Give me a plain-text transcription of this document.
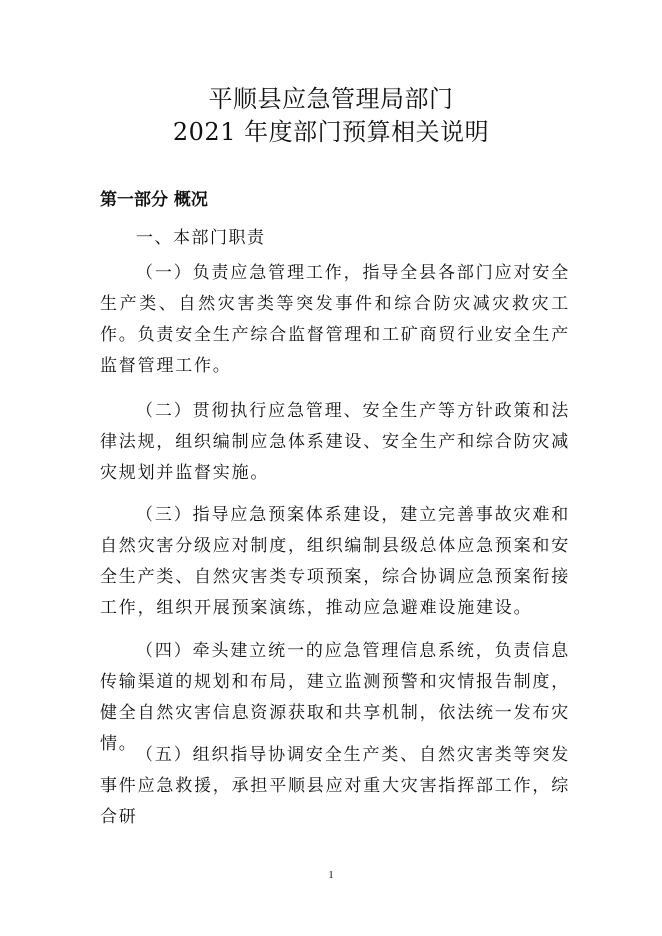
平顺县应急管理局部门
2021 年度部门预算相关说明
第一部分 概况
一、本部门职责
（一）负责应急管理工作，指导全县各部门应对安全生产类、自然灾害类等突发事件和综合防灾减灾救灾工作。负责安全生产综合监督管理和工矿商贸行业安全生产监督管理工作。
（二）贯彻执行应急管理、安全生产等方针政策和法律法规，组织编制应急体系建设、安全生产和综合防灾减灾规划并监督实施。
（三）指导应急预案体系建设，建立完善事故灾难和自然灾害分级应对制度，组织编制县级总体应急预案和安全生产类、自然灾害类专项预案，综合协调应急预案衔接工作，组织开展预案演练，推动应急避难设施建设。
（四）牵头建立统一的应急管理信息系统，负责信息传输渠道的规划和布局，建立监测预警和灾情报告制度，健全自然灾害信息资源获取和共享机制，依法统一发布灾情。
（五）组织指导协调安全生产类、自然灾害类等突发事件应急救援，承担平顺县应对重大灾害指挥部工作，综合研
1
